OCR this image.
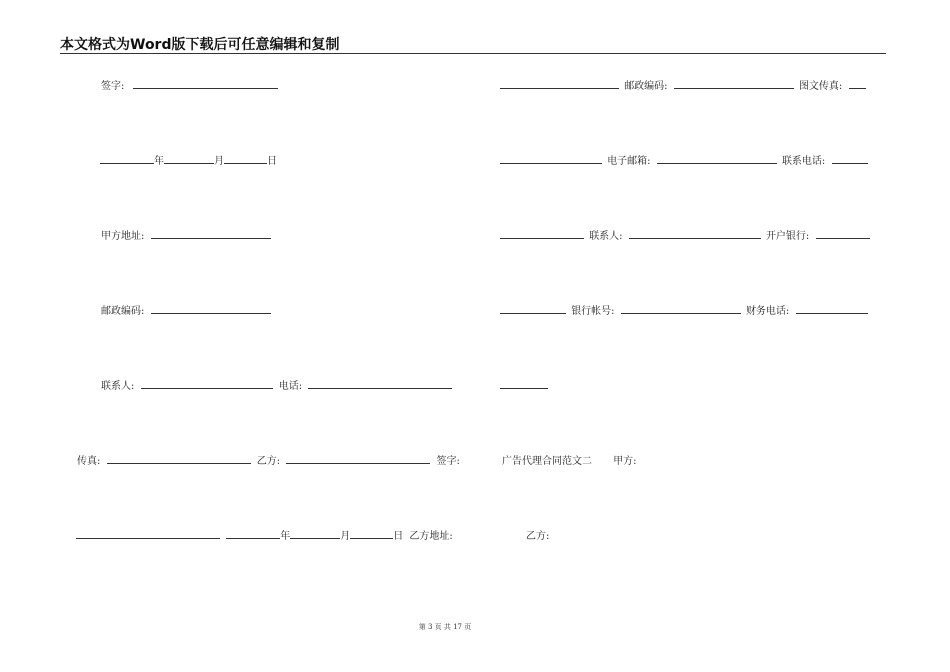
本文格式为Word版下载后可任意编辑和复制
签字:
年	月	日
甲方地址:
邮政编码:
联系人:	电话:
传真:	乙方:	签字:
年	月	日 乙方地址:
邮政编码:	图文传真:
电子邮箱:	联系电话:
联系人:	开户银行:
银行帐号:	财务电话:
广告代理合同范文二 甲方:
乙方:
第 3 页 共 17 页
